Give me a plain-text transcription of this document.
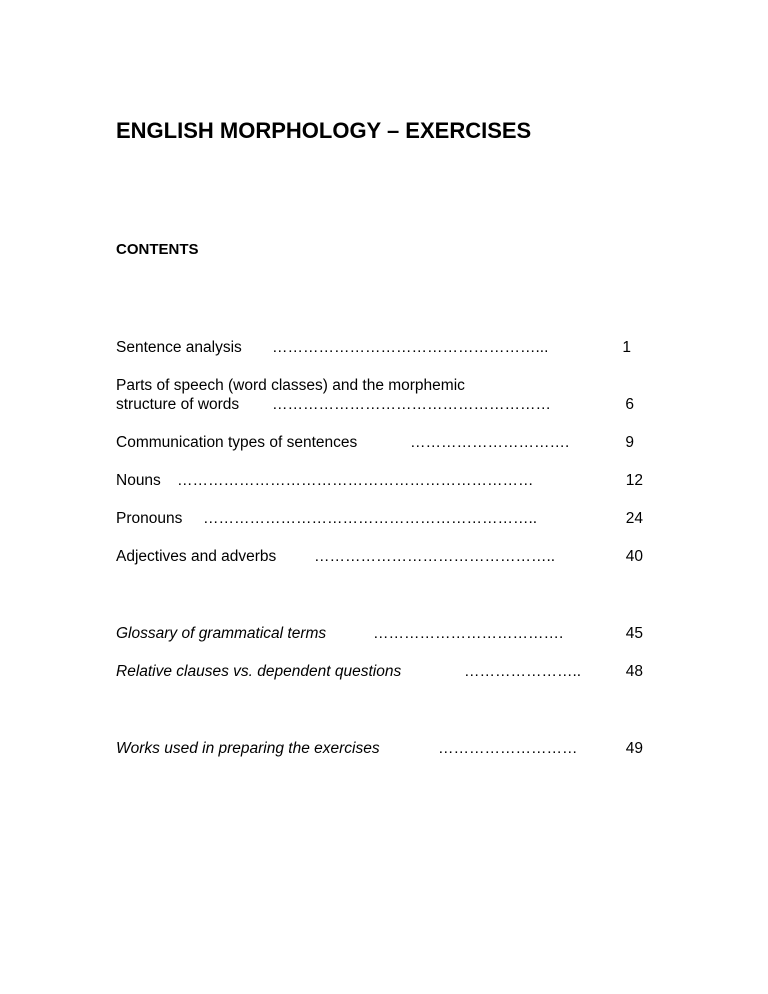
ENGLISH MORPHOLOGY – EXERCISES
CONTENTS
Sentence analysis ……………………………………………...	1
Parts of speech (word classes) and the morphemic
structure of words ………………………………………………	6
Communication types of sentences	………………………….	9
Nouns ……………………………………………………………	12
Pronouns ………………………………………………………..	24
Adjectives and adverbs ………………………………………..	40
Glossary of grammatical terms	……………………………….	45
Relative clauses vs. dependent questions	…………………..	48
Works used in preparing the exercises	………………………	49
